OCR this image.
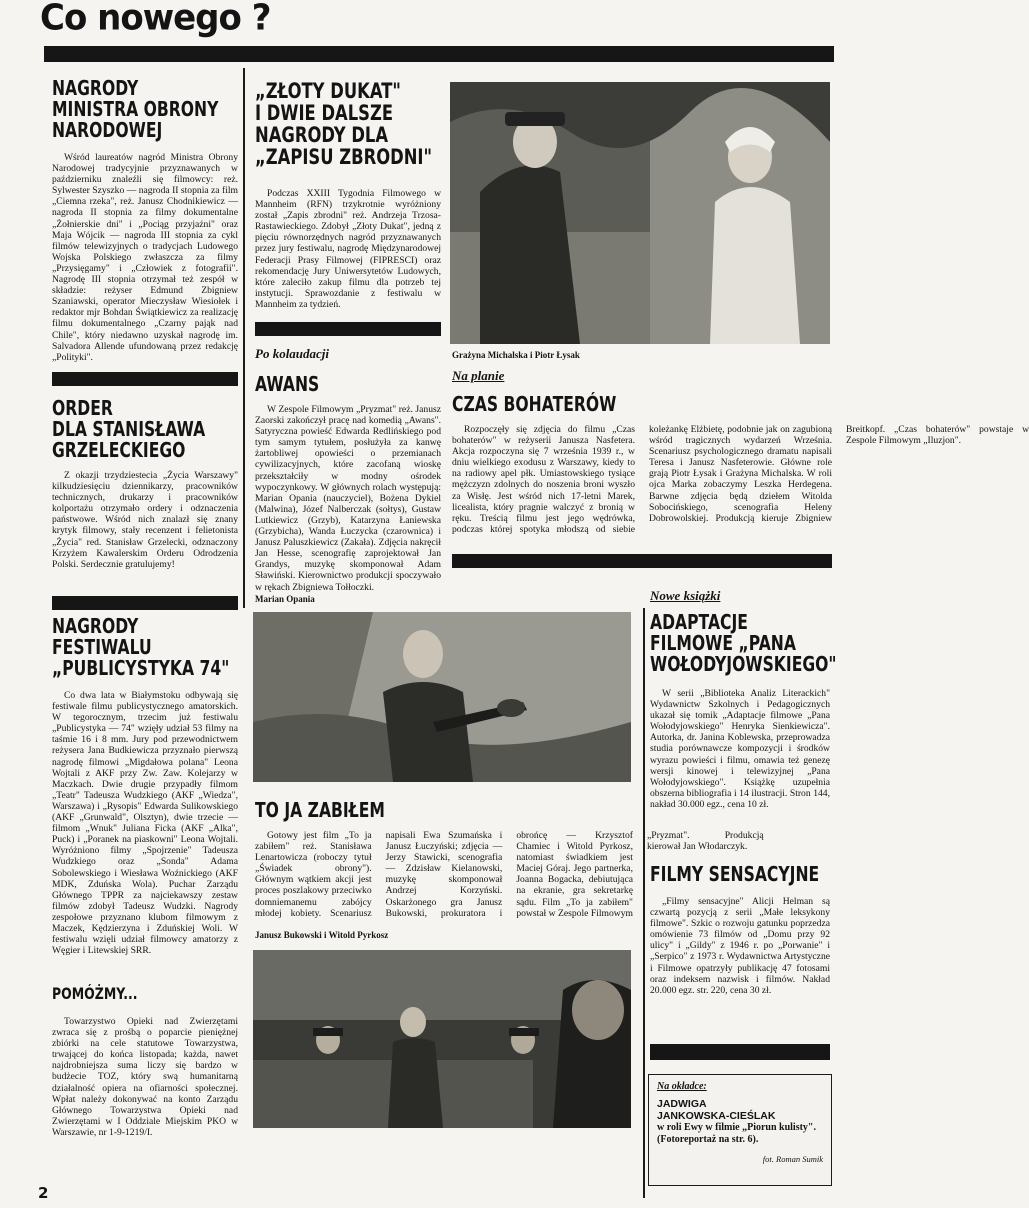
Co nowego ?
NAGRODY
MINISTRA OBRONY
NARODOWEJ
Wśród laureatów nagród Ministra Obrony Narodowej tradycyjnie przyznawanych w październiku znaleźli się filmowcy: reż. Sylwester Szyszko — nagroda II stopnia za film „Ciemna rzeka", reż. Janusz Chodnikiewicz — nagroda II stopnia za filmy dokumentalne „Żołnierskie dni" i „Pociąg przyjaźni" oraz Maja Wójcik — nagroda III stopnia za cykl filmów telewizyjnych o tradycjach Ludowego Wojska Polskiego zwłaszcza za filmy „Przysięgamy" i „Człowiek z fotografii". Nagrodę III stopnia otrzymał też zespół w składzie: reżyser Edmund Zbigniew Szaniawski, operator Mieczysław Wiesiołek i redaktor mjr Bohdan Świątkiewicz za realizację filmu dokumentalnego „Czarny pająk nad Chile", który niedawno uzyskał nagrodę im. Salvadora Allende ufundowaną przez redakcję „Polityki".
ORDER
DLA STANISŁAWA
GRZELECKIEGO
Z okazji trzydziestecia „Życia Warszawy" kilkudziesięciu dziennikarzy, pracowników technicznych, drukarzy i pracowników kolportażu otrzymało ordery i odznaczenia państwowe. Wśród nich znalazł się znany krytyk filmowy, stały recenzent i felietonista „Życia" red. Stanisław Grzelecki, odznaczony Krzyżem Kawalerskim Orderu Odrodzenia Polski. Serdecznie gratulujemy!
NAGRODY
FESTIWALU
„PUBLICYSTYKA 74"
Co dwa lata w Białymstoku odbywają się festiwale filmu publicystycznego amatorskich. W tegorocznym, trzecim już festiwalu „Publicystyka — 74" wzięły udział 53 filmy na taśmie 16 i 8 mm. Jury pod przewodnictwem reżysera Jana Budkiewicza przyznało pierwszą nagrodę filmowi „Migdałowa polana" Leona Wojtali z AKF przy Zw. Zaw. Kolejarzy w Maczkach. Dwie drugie przypadły filmom „Teatr" Tadeusza Wudzkiego (AKF „Wiedza", Warszawa) i „Rysopis" Edwarda Sulikowskiego (AKF „Grunwald", Olsztyn), dwie trzecie — filmom „Wnuk" Juliana Ficka (AKF „Alka", Puck) i „Poranek na piaskowni" Leona Wojtali. Wyróżniono filmy „Spojrzenie" Tadeusza Wudzkiego oraz „Sonda" Adama Sobolewskiego i Wiesława Woźnickiego (AKF MDK, Zduńska Wola). Puchar Zarządu Głównego TPPR za najciekawszy zestaw filmów zdobył Tadeusz Wudzki. Nagrody zespołowe przyznano klubom filmowym z Maczek, Kędzierzyna i Zduńskiej Woli. W festiwalu wzięli udział filmowcy amatorzy z Węgier i Litewskiej SRR.
POMÓŻMY...
Towarzystwo Opieki nad Zwierzętami zwraca się z prośbą o poparcie pieniężnej zbiórki na cele statutowe Towarzystwa, trwającej do końca listopada; każda, nawet najdrobniejsza suma liczy się bardzo w budżecie TOZ, który swą humanitarną działalność opiera na ofiarności społecznej. Wpłat należy dokonywać na konto Zarządu Głównego Towarzystwa Opieki nad Zwierzętami w I Oddziale Miejskim PKO w Warszawie, nr 1-9-1219/I.
2
„ZŁOTY DUKAT"
I DWIE DALSZE
NAGRODY DLA
„ZAPISU ZBRODNI"
Podczas XXIII Tygodnia Filmowego w Mannheim (RFN) trzykrotnie wyróżniony został „Zapis zbrodni" reż. Andrzeja Trzosa-Rastawieckiego. Zdobył „Złoty Dukat", jedną z pięciu równorzędnych nagród przyznawanych przez jury festiwalu, nagrodę Międzynarodowej Federacji Prasy Filmowej (FIPRESCI) oraz rekomendację Jury Uniwersytetów Ludowych, które zaleciło zakup filmu dla potrzeb tej instytucji. Sprawozdanie z festiwalu w Mannheim za tydzień.
Po kolaudacji
AWANS
W Zespole Filmowym „Pryzmat" reż. Janusz Zaorski zakończył pracę nad komedią „Awans". Satyryczna powieść Edwarda Redlińskiego pod tym samym tytułem, posłużyła za kanwę żartobliwej opowieści o przemianach cywilizacyjnych, które zacofaną wioskę przekształciły w modny ośrodek wypoczynkowy. W głównych rolach występują: Marian Opania (nauczyciel), Bożena Dykiel (Malwina), Józef Nalberczak (sołtys), Gustaw Lutkiewicz (Grzyb), Katarzyna Łaniewska (Grzybicha), Wanda Łuczycka (czarownica) i Janusz Paluszkiewicz (Zakała). Zdjęcia nakręcił Jan Hesse, scenografię zaprojektował Jan Grandys, muzykę skomponował Adam Sławiński. Kierownictwo produkcji spoczywało w rękach Zbigniewa Tołłoczki.
Grażyna Michalska i Piotr Łysak
Na planie
CZAS BOHATERÓW
Rozpoczęły się zdjęcia do filmu „Czas bohaterów" w reżyserii Janusza Nasfetera. Akcja rozpoczyna się 7 września 1939 r., w dniu wielkiego exodusu z Warszawy, kiedy to na radiowy apel płk. Umiastowskiego tysiące mężczyzn zdolnych do noszenia broni wyszło za Wisłę. Jest wśród nich 17-letni Marek, licealista, który pragnie walczyć z bronią w ręku. Treścią filmu jest jego wędrówka, podczas której spotyka młodszą od siebie koleżankę Elżbietę, podobnie jak on zagubioną wśród tragicznych wydarzeń Września. Scenariusz psychologicznego dramatu napisali Teresa i Janusz Nasfeterowie. Główne role grają Piotr Łysak i Grażyna Michalska. W roli ojca Marka zobaczymy Leszka Herdegena. Barwne zdjęcia będą dziełem Witolda Sobocińskiego, scenografia Heleny Dobrowolskiej. Produkcją kieruje Zbigniew Breitkopf. „Czas bohaterów" powstaje w Zespole Filmowym „Iluzjon".
Marian Opania
TO JA ZABIŁEM
Gotowy jest film „To ja zabiłem" reż. Stanisława Lenartowicza (roboczy tytuł „Świadek obrony"). Głównym wątkiem akcji jest proces poszlakowy przeciwko domniemanemu zabójcy młodej kobiety. Scenariusz napisali Ewa Szumańska i Janusz Łuczyński; zdjęcia — Jerzy Stawicki, scenografia — Zdzisław Kielanowski, muzykę skomponował Andrzej Korzyński. Oskarżonego gra Janusz Bukowski, prokuratora i obrońcę — Krzysztof Chamiec i Witold Pyrkosz, natomiast świadkiem jest Maciej Góraj. Jego partnerka, Joanna Bogacka, debiutująca na ekranie, gra sekretarkę sądu. Film „To ja zabiłem" powstał w Zespole Filmowym „Pryzmat". Produkcją kierował Jan Włodarczyk.
Janusz Bukowski i Witold Pyrkosz
Nowe książki
ADAPTACJE
FILMOWE „PANA
WOŁODYJOWSKIEGO"
W serii „Biblioteka Analiz Literackich" Wydawnictw Szkolnych i Pedagogicznych ukazał się tomik „Adaptacje filmowe „Pana Wołodyjowskiego" Henryka Sienkiewicza". Autorka, dr. Janina Koblewska, przeprowadza studia porównawcze kompozycji i środków wyrazu powieści i filmu, omawia też genezę wersji kinowej i telewizyjnej „Pana Wołodyjowskiego". Książkę uzupełnia obszerna bibliografia i 14 ilustracji. Stron 144, nakład 30.000 egz., cena 10 zł.
FILMY SENSACYJNE
„Filmy sensacyjne" Alicji Helman są czwartą pozycją z serii „Małe leksykony filmowe". Szkic o rozwoju gatunku poprzedza omówienie 73 filmów od „Domu przy 92 ulicy" i „Gildy" z 1946 r. po „Porwanie" i „Serpico" z 1973 r. Wydawnictwa Artystyczne i Filmowe opatrzyły publikację 47 fotosami oraz indeksem nazwisk i filmów. Nakład 20.000 egz. str. 220, cena 30 zł.
Na okładce:
JADWIGA
JANKOWSKA-CIEŚLAK
w roli Ewy w filmie „Piorun kulisty". (Fotoreportaż na str. 6).
fot. Roman Sumik
